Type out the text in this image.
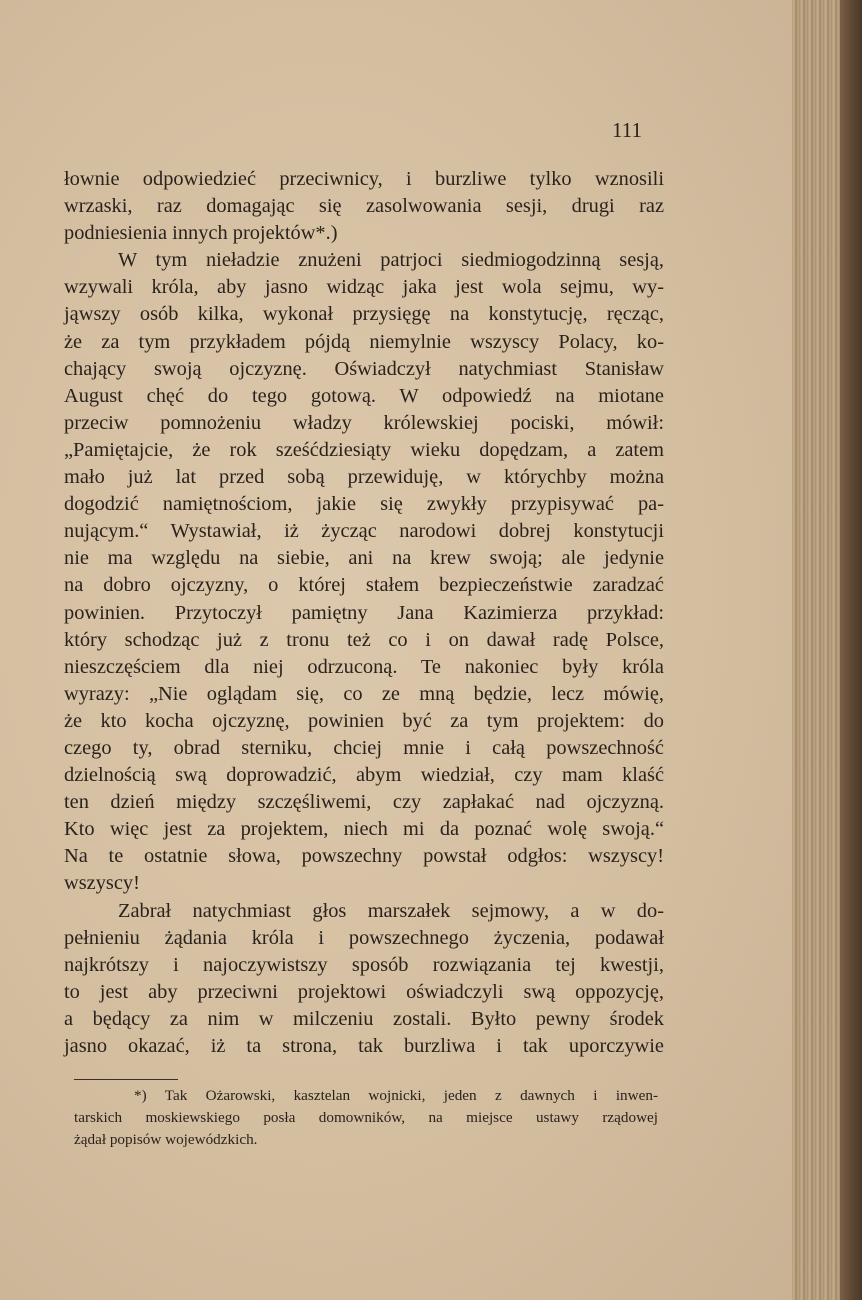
111
łownie odpowiedzieć przeciwnicy, i burzliwe tylko wznosili
wrzaski, raz domagając się zasolwowania sesji, drugi raz
podniesienia innych projektów*.)
W tym nieładzie znużeni patrjoci siedmiogodzinną sesją,
wzywali króla, aby jasno widząc jaka jest wola sejmu, wy-
jąwszy osób kilka, wykonał przysięgę na konstytucję, ręcząc,
że za tym przykładem pójdą niemylnie wszyscy Polacy, ko-
chający swoją ojczyznę. Oświadczył natychmiast Stanisław
August chęć do tego gotową. W odpowiedź na miotane
przeciw pomnożeniu władzy królewskiej pociski, mówił:
„Pamiętajcie, że rok sześćdziesiąty wieku dopędzam, a zatem
mało już lat przed sobą przewiduję, w którychby można
dogodzić namiętnościom, jakie się zwykły przypisywać pa-
nującym.“ Wystawiał, iż życząc narodowi dobrej konstytucji
nie ma względu na siebie, ani na krew swoją; ale jedynie
na dobro ojczyzny, o której stałem bezpieczeństwie zaradzać
powinien. Przytoczył pamiętny Jana Kazimierza przykład:
który schodząc już z tronu też co i on dawał radę Polsce,
nieszczęściem dla niej odrzuconą. Te nakoniec były króla
wyrazy: „Nie oglądam się, co ze mną będzie, lecz mówię,
że kto kocha ojczyznę, powinien być za tym projektem: do
czego ty, obrad sterniku, chciej mnie i całą powszechność
dzielnością swą doprowadzić, abym wiedział, czy mam klaść
ten dzień między szczęśliwemi, czy zapłakać nad ojczyzną.
Kto więc jest za projektem, niech mi da poznać wolę swoją.“
Na te ostatnie słowa, powszechny powstał odgłos: wszyscy!
wszyscy!
Zabrał natychmiast głos marszałek sejmowy, a w do-
pełnieniu żądania króla i powszechnego życzenia, podawał
najkrótszy i najoczywistszy sposób rozwiązania tej kwestji,
to jest aby przeciwni projektowi oświadczyli swą oppozycję,
a będący za nim w milczeniu zostali. Byłto pewny środek
jasno okazać, iż ta strona, tak burzliwa i tak uporczywie
*) Tak Ożarowski, kasztelan wojnicki, jeden z dawnych i inwen-
tarskich moskiewskiego posła domowników, na miejsce ustawy rządowej
żądał popisów wojewódzkich.
